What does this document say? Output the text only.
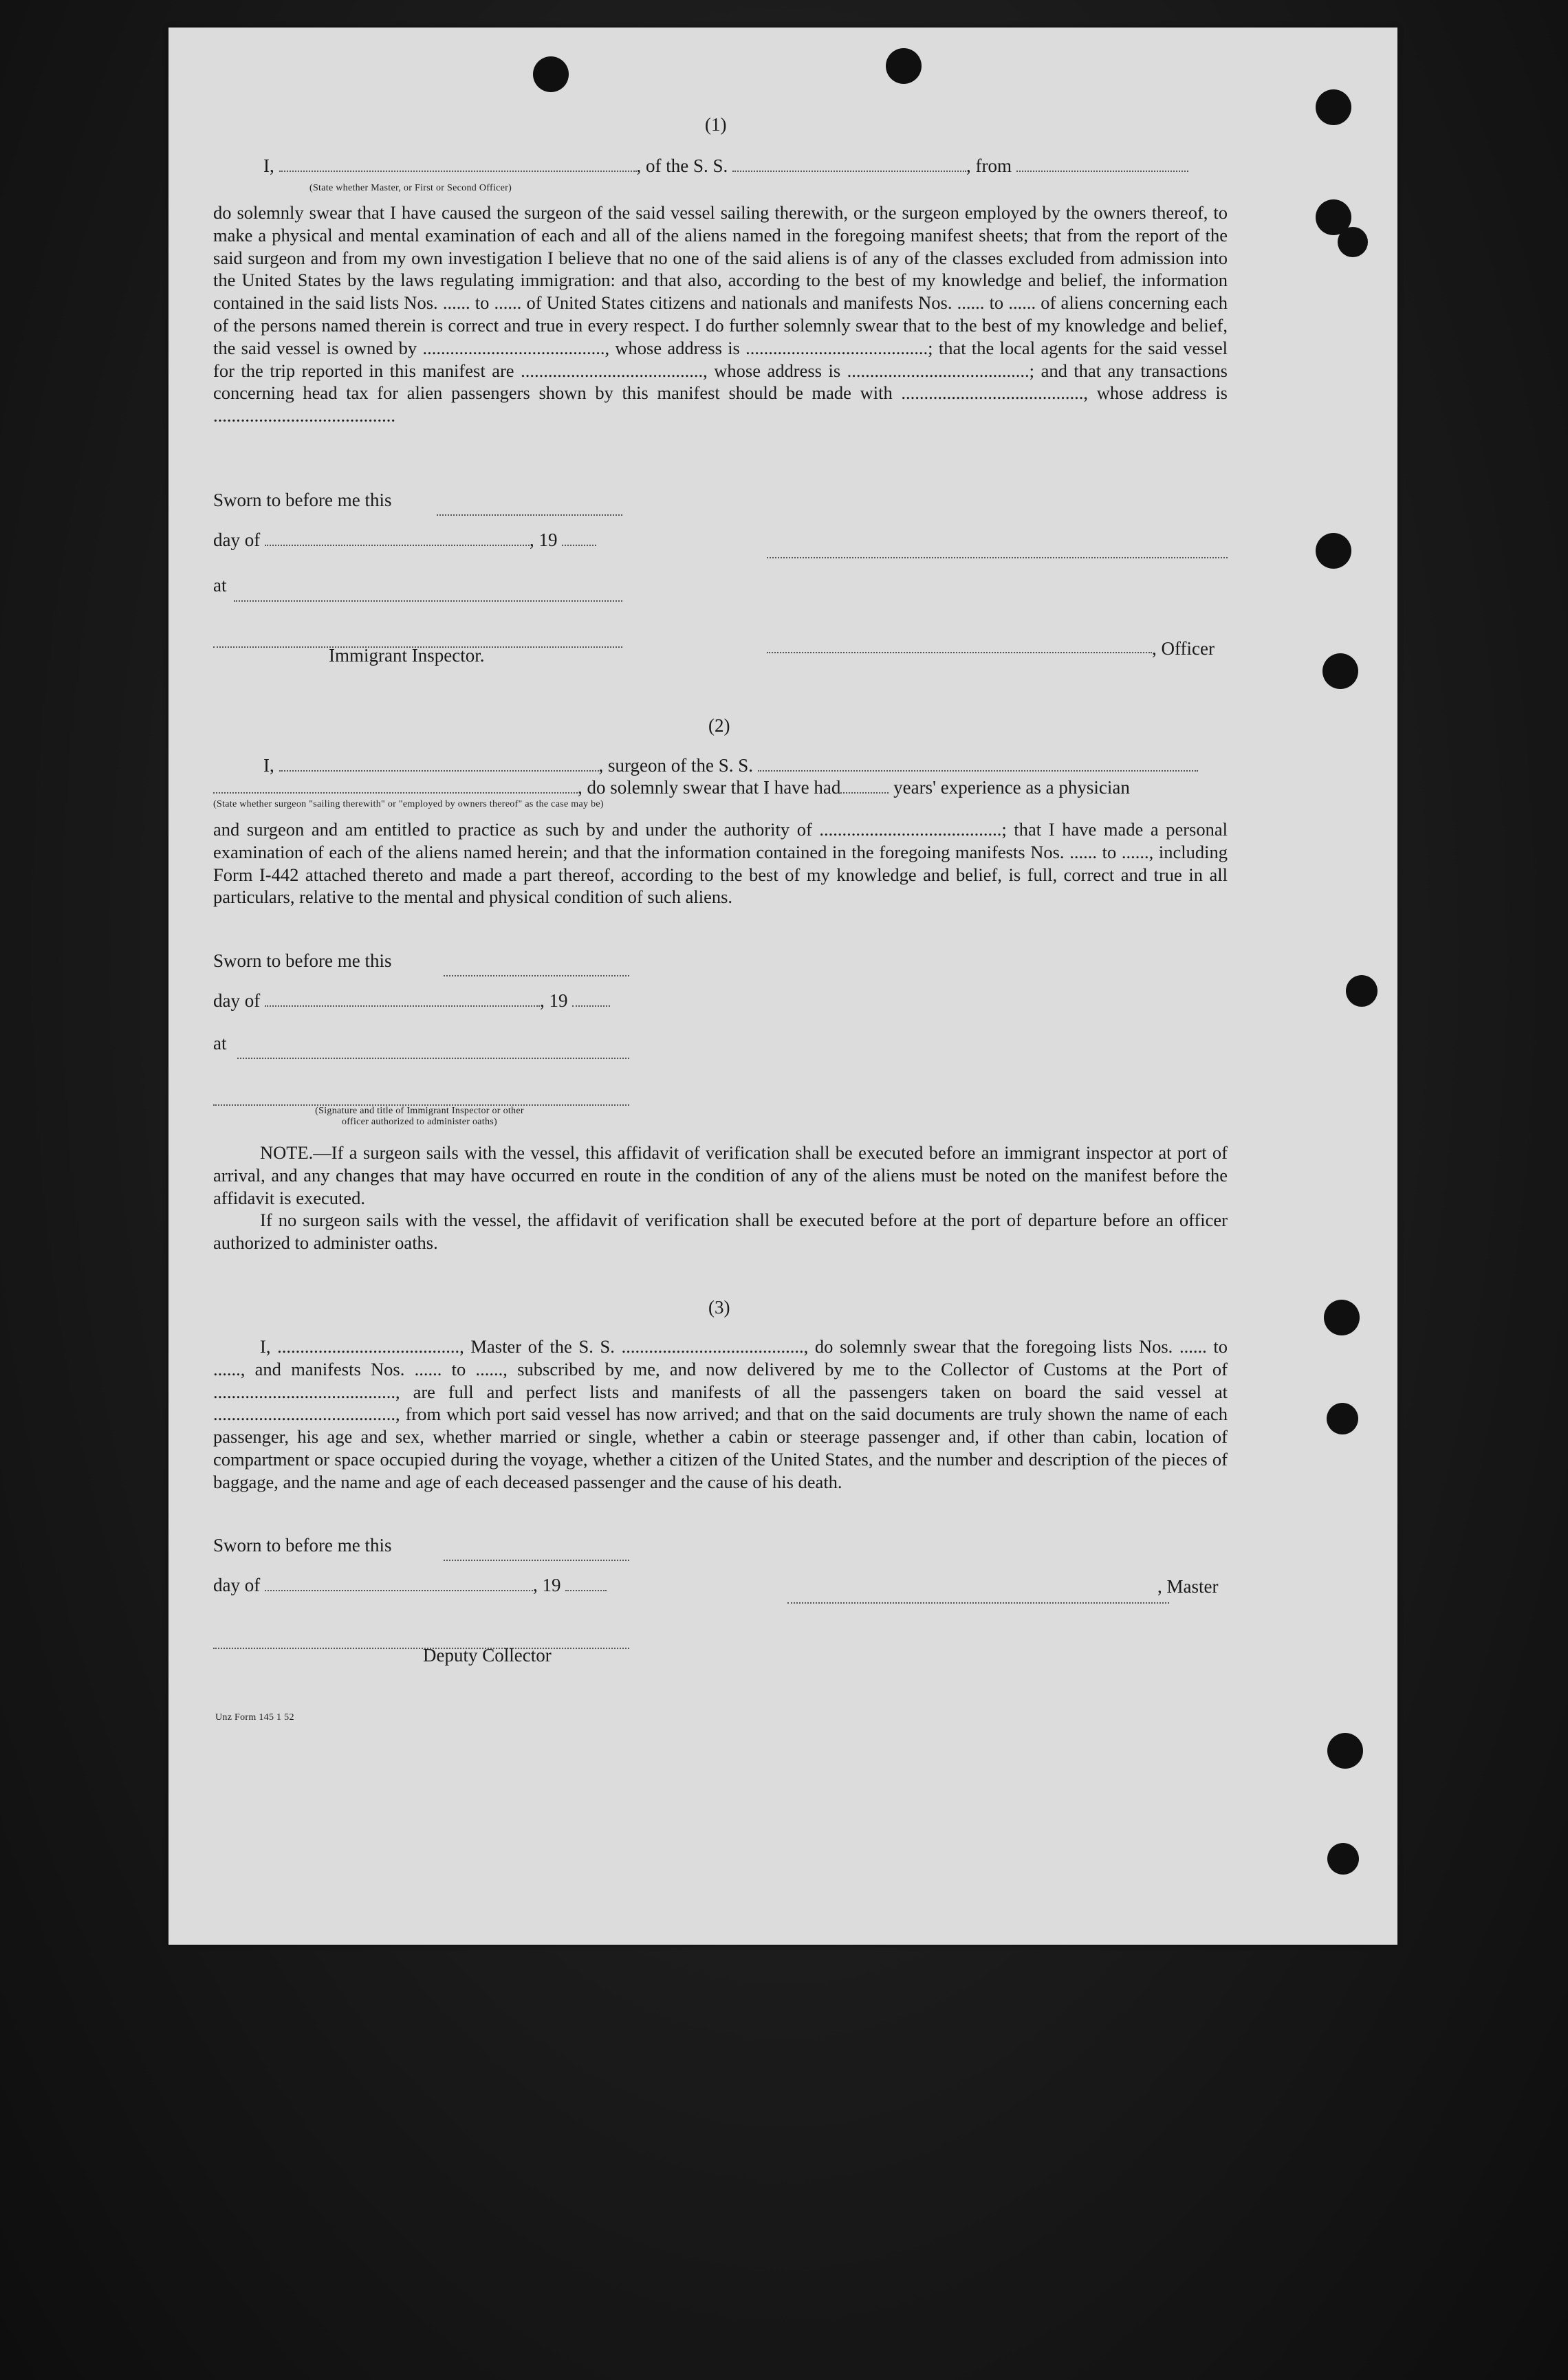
(1)
I,	, of the S. S.	, from
(State whether Master, or First or Second Officer)
do solemnly swear that I have caused the surgeon of the said vessel sailing therewith, or the surgeon employed by the owners thereof, to make a physical and mental examination of each and all of the aliens named in the foregoing manifest sheets; that from the report of the said surgeon and from my own investigation I believe that no one of the said aliens is of any of the classes excluded from admission into the United States by the laws regulating immigration: and that also, according to the best of my knowledge and belief, the information contained in the said lists Nos. ...... to ...... of United States citizens and nationals and manifests Nos. ...... to ...... of aliens concerning each of the persons named therein is correct and true in every respect. I do further solemnly swear that to the best of my knowledge and belief, the said vessel is owned by ........................................, whose address is ........................................; that the local agents for the said vessel for the trip reported in this manifest are ........................................, whose address is ........................................; and that any transactions concerning head tax for alien passengers shown by this manifest should be made with ........................................, whose address is ........................................
Sworn to before me this
day of	, 19
at
Immigrant Inspector.	, Officer
(2)
I,	, surgeon of the S. S.
, do solemnly swear that I have had	years' experience as a physician
(State whether surgeon "sailing therewith" or "employed by owners thereof" as the case may be)
and surgeon and am entitled to practice as such by and under the authority of ........................................; that I have made a personal examination of each of the aliens named herein; and that the information contained in the foregoing manifests Nos. ...... to ......, including Form I-442 attached thereto and made a part thereof, according to the best of my knowledge and belief, is full, correct and true in all particulars, relative to the mental and physical condition of such aliens.
Sworn to before me this
day of	, 19
at
(Signature and title of Immigrant Inspector or other
officer authorized to administer oaths)
NOTE.—If a surgeon sails with the vessel, this affidavit of verification shall be executed before an immigrant inspector at port of arrival, and any changes that may have occurred en route in the condition of any of the aliens must be noted on the manifest before the affidavit is executed.
If no surgeon sails with the vessel, the affidavit of verification shall be executed before at the port of departure before an officer authorized to administer oaths.
(3)
I, ........................................, Master of the S. S. ........................................, do solemnly swear that the foregoing lists Nos. ...... to ......, and manifests Nos. ...... to ......, subscribed by me, and now delivered by me to the Collector of Customs at the Port of ........................................, are full and perfect lists and manifests of all the passengers taken on board the said vessel at ........................................, from which port said vessel has now arrived; and that on the said documents are truly shown the name of each passenger, his age and sex, whether married or single, whether a cabin or steerage passenger and, if other than cabin, location of compartment or space occupied during the voyage, whether a citizen of the United States, and the number and description of the pieces of baggage, and the name and age of each deceased passenger and the cause of his death.
Sworn to before me this
day of	, 19	, Master
Deputy Collector
Unz Form 145 1 52
